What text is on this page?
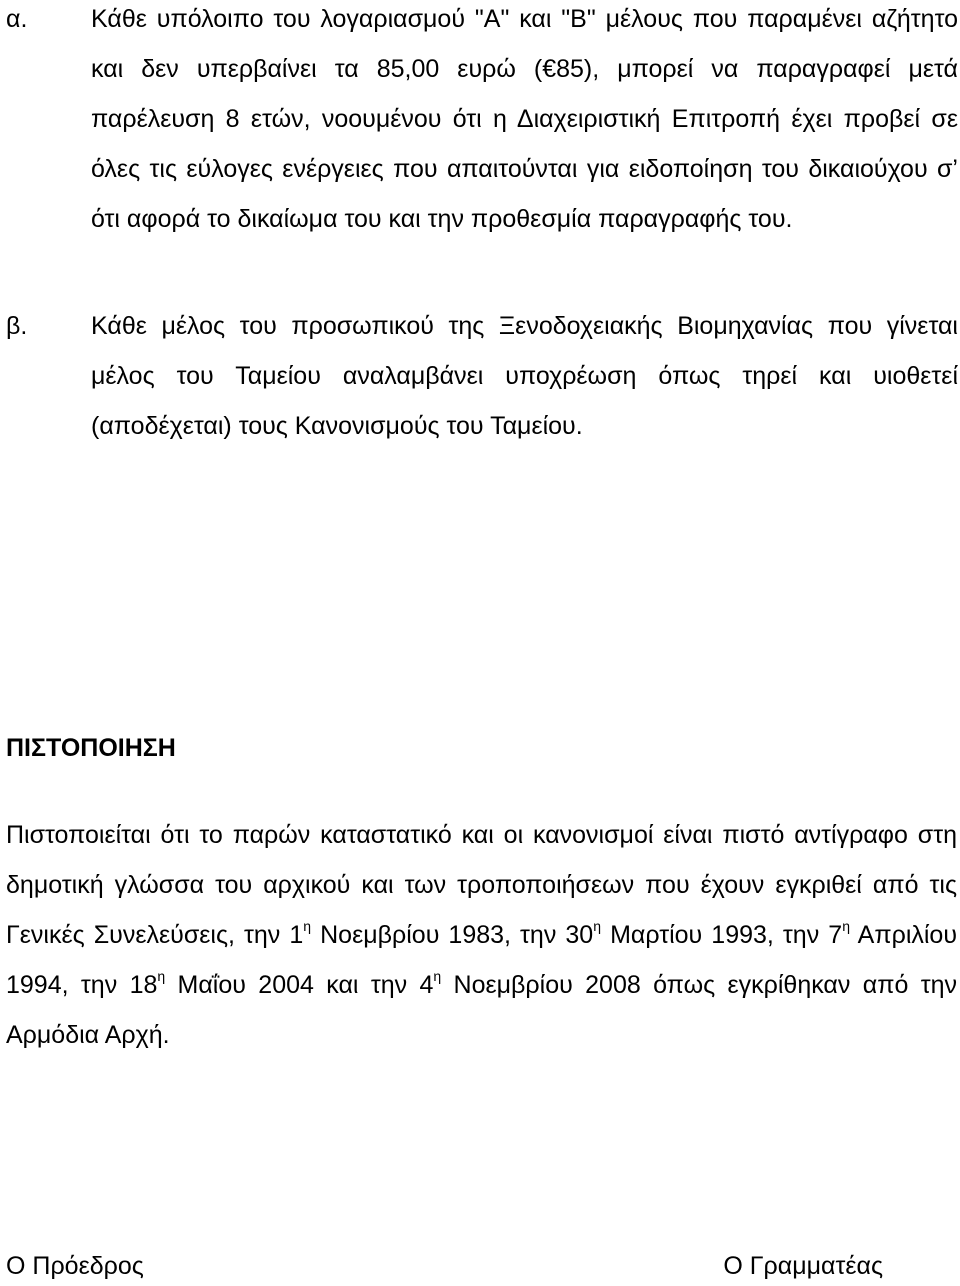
α.	Κάθε υπόλοιπο του λογαριασμού "Α" και "Β" μέλους που παραμένει αζήτητο και δεν υπερβαίνει τα 85,00 ευρώ (€85), μπορεί να παραγραφεί μετά παρέλευση 8 ετών, νοουμένου ότι η Διαχειριστική Επιτροπή έχει προβεί σε όλες τις εύλογες ενέργειες που απαιτούνται για ειδοποίηση του δικαιούχου σ’ ότι αφορά το δικαίωμα του και την προθεσμία παραγραφής του.
β.	Κάθε μέλος του προσωπικού της Ξενοδοχειακής Βιομηχανίας που γίνεται μέλος του Ταμείου αναλαμβάνει υποχρέωση όπως τηρεί και υιοθετεί (αποδέχεται) τους Κανονισμούς του Ταμείου.
ΠΙΣΤΟΠΟΙΗΣΗ

Πιστοποιείται ότι το παρών καταστατικό και οι κανονισμοί είναι πιστό αντίγραφο στη δημοτική γλώσσα του αρχικού και των τροποποιήσεων που έχουν εγκριθεί από τις Γενικές Συνελεύσεις, την $1^\eta$ Νοεμβρίου 1983, την $30^\eta$ Μαρτίου 1993, την $7^\eta$ Απριλίου 1994, την $18^\eta$ Μαΐου 2004 και την $4^\eta$ Νοεμβρίου 2008 όπως εγκρίθηκαν από την Αρμόδια Αρχή.

Ο Πρόεδρος	Ο Γραμματέας
